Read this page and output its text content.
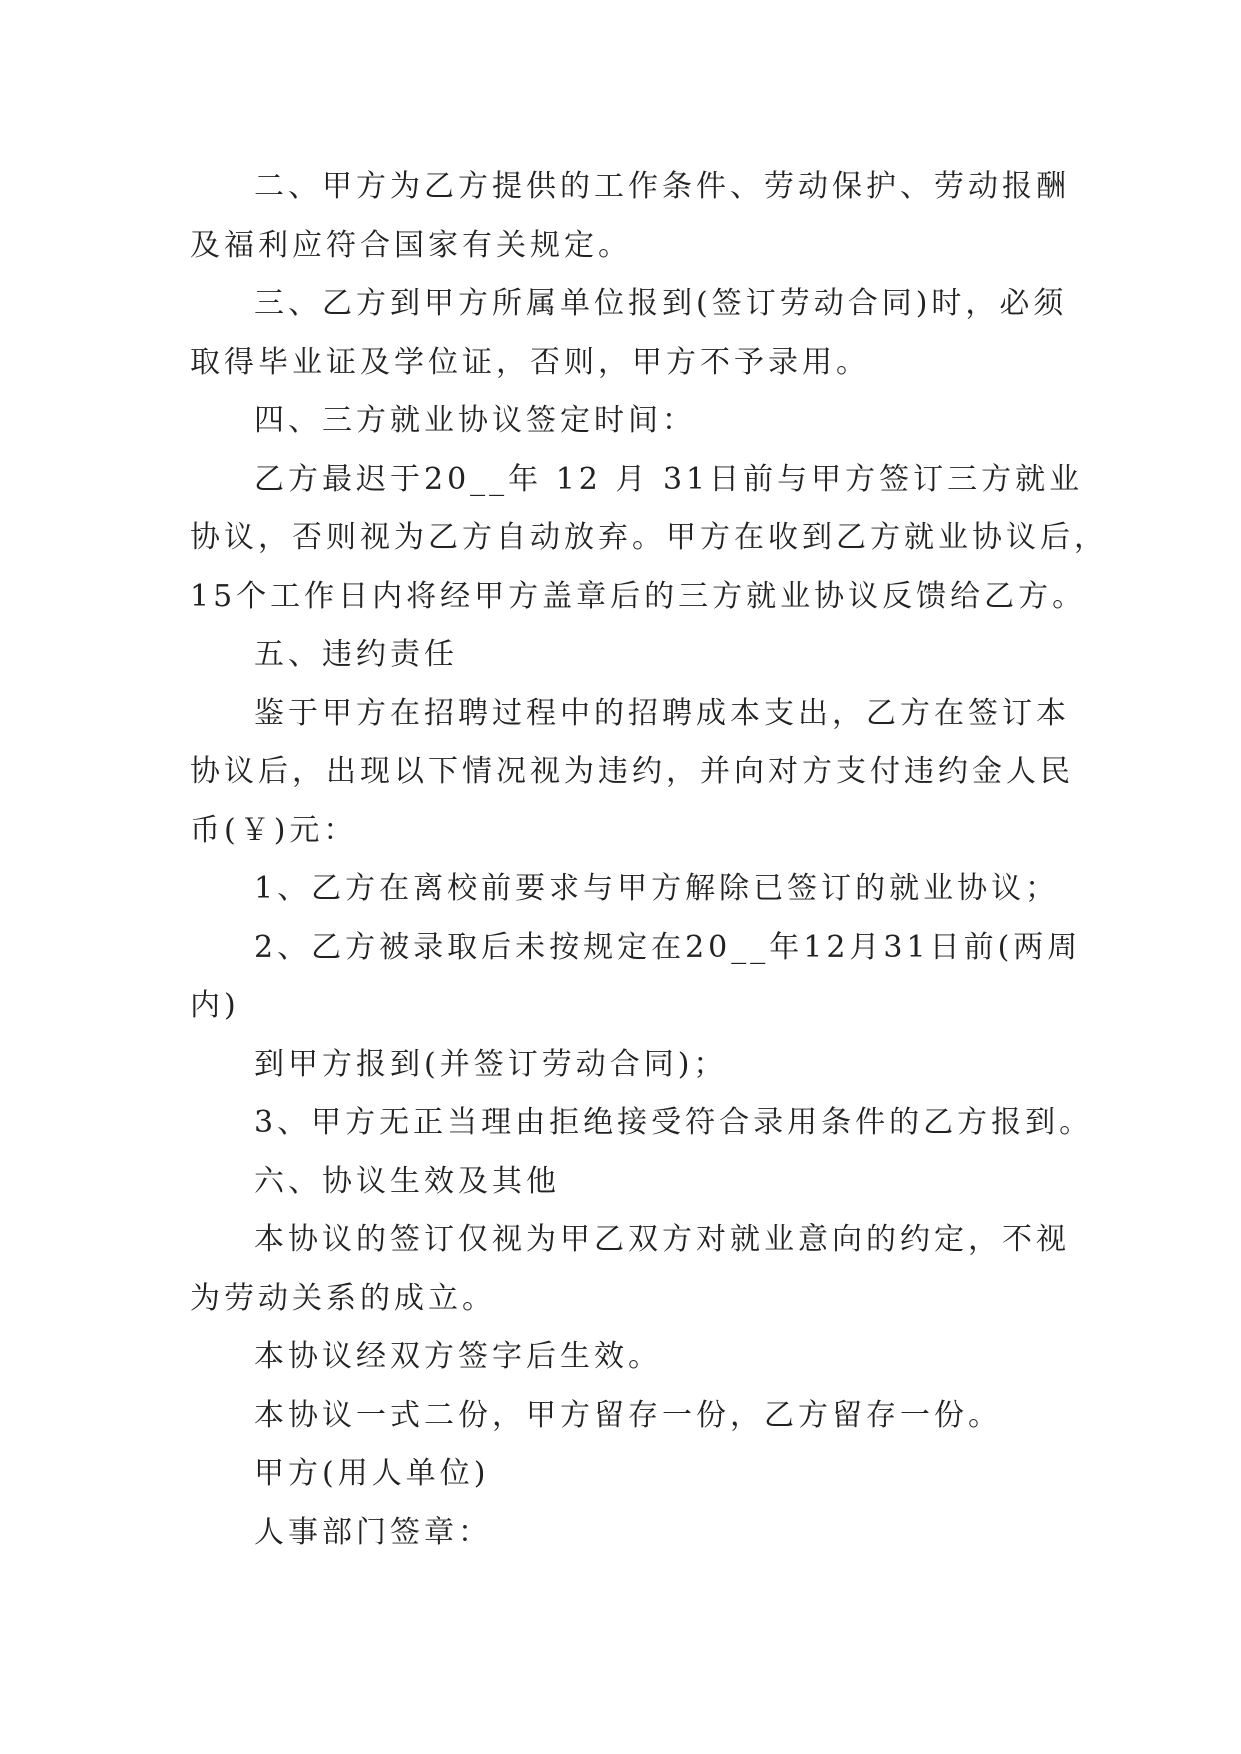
二、甲方为乙方提供的工作条件、劳动保护、劳动报酬
及福利应符合国家有关规定。
三、乙方到甲方所属单位报到(签订劳动合同)时，必须
取得毕业证及学位证，否则，甲方不予录用。
四、三方就业协议签定时间：
乙方最迟于20__年 12 月 31日前与甲方签订三方就业
协议，否则视为乙方自动放弃。甲方在收到乙方就业协议后，
15个工作日内将经甲方盖章后的三方就业协议反馈给乙方。
五、违约责任
鉴于甲方在招聘过程中的招聘成本支出，乙方在签订本
协议后，出现以下情况视为违约，并向对方支付违约金人民
币(￥)元：
1、乙方在离校前要求与甲方解除已签订的就业协议；
2、乙方被录取后未按规定在20__年12月31日前(两周
内)
到甲方报到(并签订劳动合同)；
3、甲方无正当理由拒绝接受符合录用条件的乙方报到。
六、协议生效及其他
本协议的签订仅视为甲乙双方对就业意向的约定，不视
为劳动关系的成立。
本协议经双方签字后生效。
本协议一式二份，甲方留存一份，乙方留存一份。
甲方(用人单位)
人事部门签章：
